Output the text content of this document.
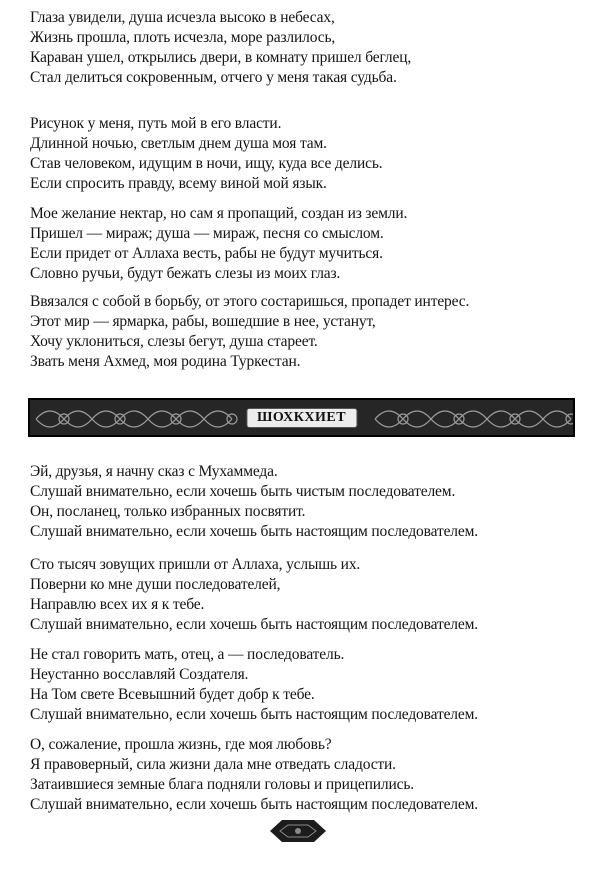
Глаза увидели, душа исчезла высоко в небесах,
Жизнь прошла, плоть исчезла, море разлилось,
Караван ушел, открылись двери, в комнату пришел беглец,
Стал делиться сокровенным, отчего у меня такая судьба.
Рисунок у меня, путь мой в его власти.
Длинной ночью, светлым днем душа моя там.
Став человеком, идущим в ночи, ищу, куда все делись.
Если спросить правду, всему виной мой язык.
Мое желание нектар, но сам я пропащий, создан из земли.
Пришел — мираж; душа — мираж, песня со смыслом.
Если придет от Аллаха весть, рабы не будут мучиться.
Словно ручьи, будут бежать слезы из моих глаз.
Ввязался с собой в борьбу, от этого состаришься, пропадет интерес.
Этот мир — ярмарка, рабы, вошедшие в нее, устанут,
Хочу уклониться, слезы бегут, душа стареет.
Звать меня Ахмед, моя родина Туркестан.
ШОХКХИЕТ
Эй, друзья, я начну сказ с Мухаммеда.
Слушай внимательно, если хочешь быть чистым последователем.
Он, посланец, только избранных посвятит.
Слушай внимательно, если хочешь быть настоящим последователем.
Сто тысяч зовущих пришли от Аллаха, услышь их.
Поверни ко мне души последователей,
Направлю всех их я к тебе.
Слушай внимательно, если хочешь быть настоящим последователем.
Не стал говорить мать, отец, а — последователь.
Неустанно восславляй Создателя.
На Том свете Всевышний будет добр к тебе.
Слушай внимательно, если хочешь быть настоящим последователем.
О, сожаление, прошла жизнь, где моя любовь?
Я правоверный, сила жизни дала мне отведать сладости.
Затаившиеся земные блага подняли головы и прицепились.
Слушай внимательно, если хочешь быть настоящим последователем.
